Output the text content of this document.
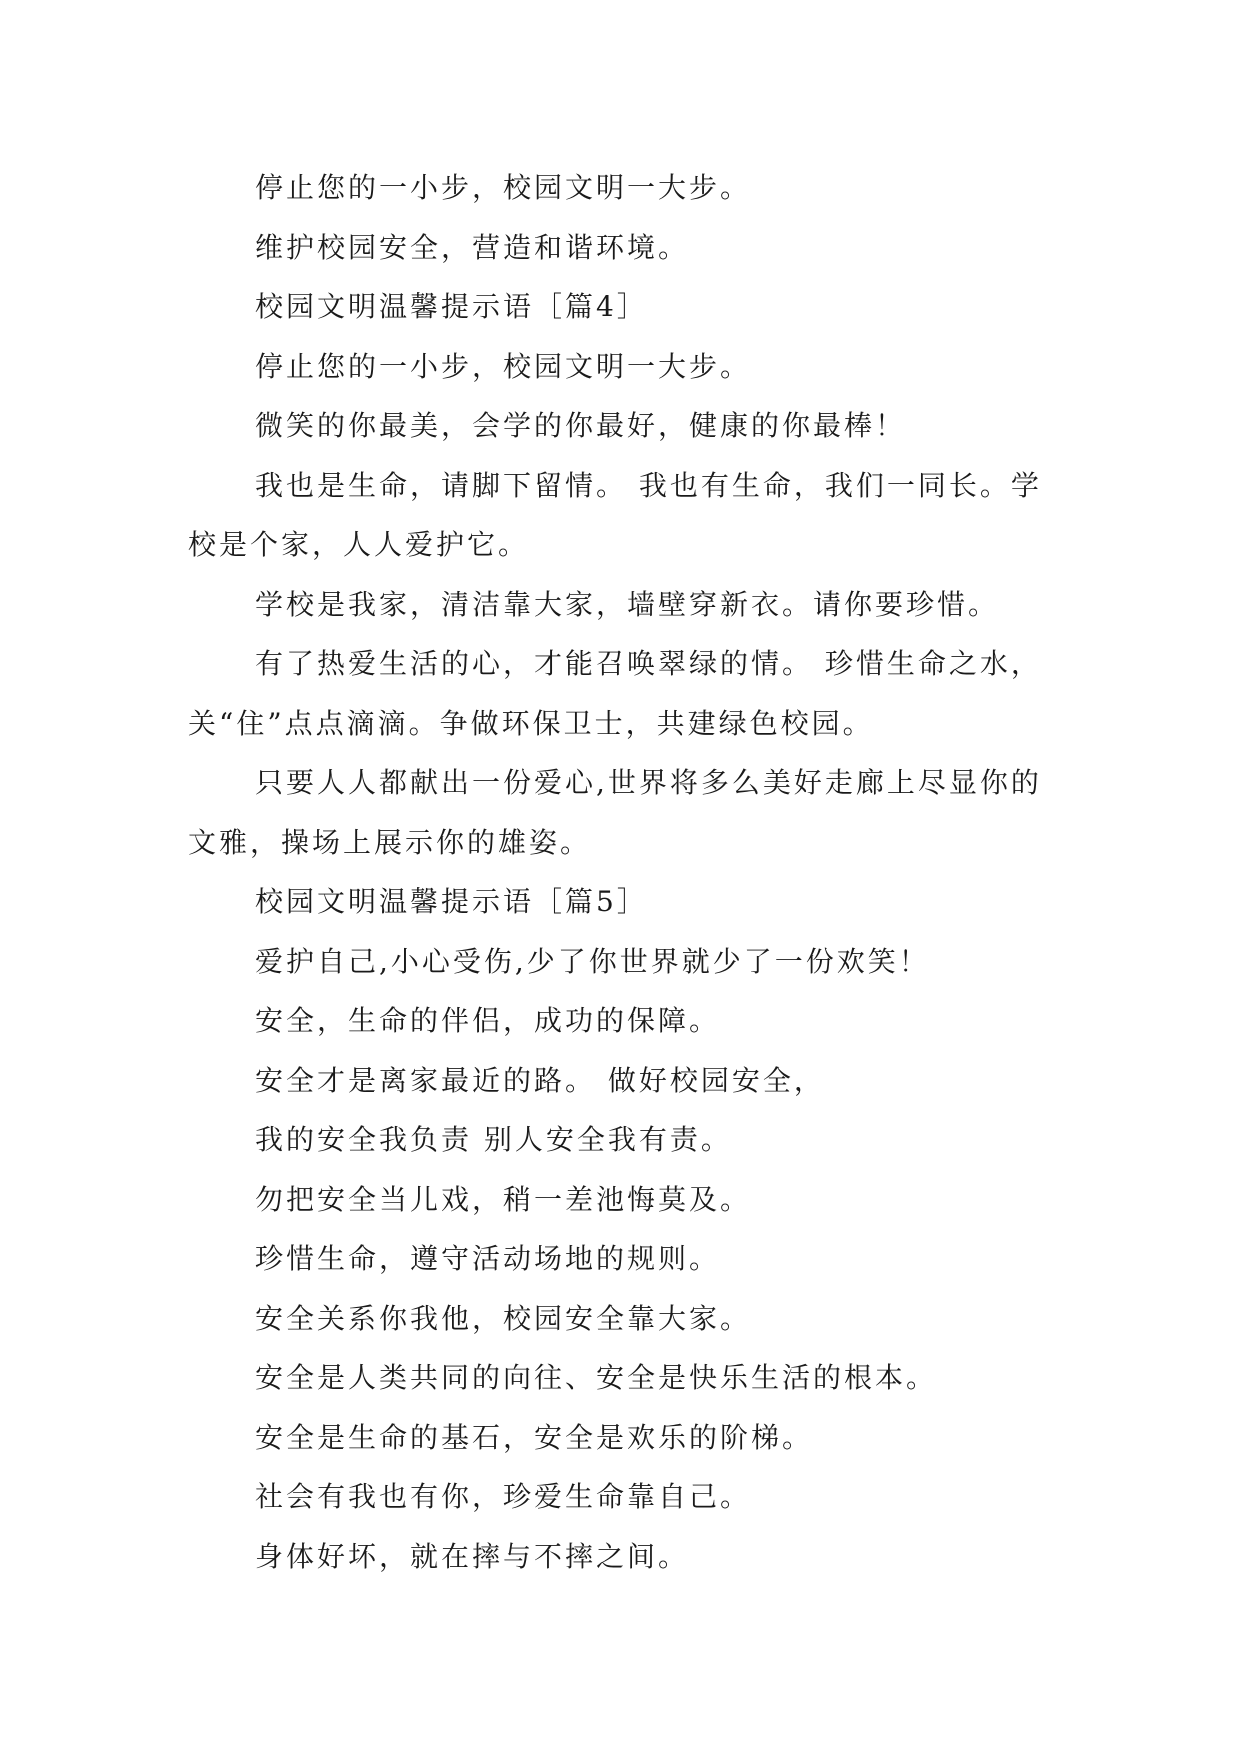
停止您的一小步，校园文明一大步。

维护校园安全，营造和谐环境。

校园文明温馨提示语［篇4］

停止您的一小步，校园文明一大步。

微笑的你最美，会学的你最好，健康的你最棒！

我也是生命，请脚下留情。 我也有生命，我们一同长。学校是个家，人人爱护它。

学校是我家，清洁靠大家，墙壁穿新衣。请你要珍惜。

有了热爱生活的心，才能召唤翠绿的情。 珍惜生命之水，关“住”点点滴滴。争做环保卫士，共建绿色校园。

只要人人都献出一份爱心,世界将多么美好走廊上尽显你的文雅，操场上展示你的雄姿。

校园文明温馨提示语［篇5］

爱护自己,小心受伤,少了你世界就少了一份欢笑！

安全，生命的伴侣，成功的保障。

安全才是离家最近的路。 做好校园安全，

我的安全我负责 别人安全我有责。

勿把安全当儿戏，稍一差池悔莫及。

珍惜生命，遵守活动场地的规则。

安全关系你我他，校园安全靠大家。

安全是人类共同的向往、安全是快乐生活的根本。

安全是生命的基石，安全是欢乐的阶梯。

社会有我也有你，珍爱生命靠自己。

身体好坏，就在摔与不摔之间。
